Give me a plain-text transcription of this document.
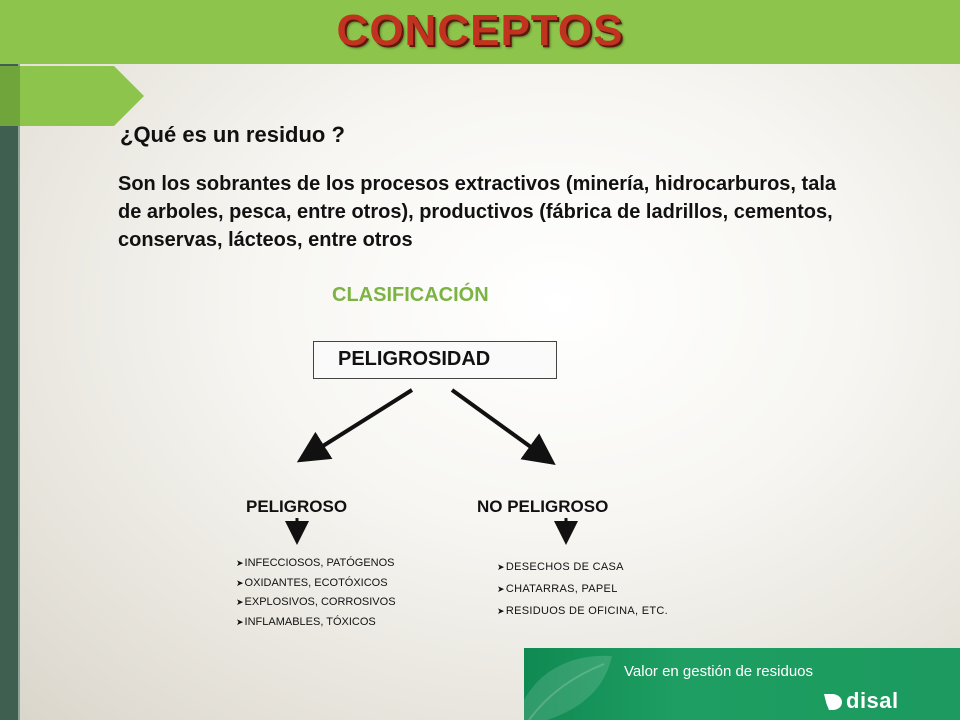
CONCEPTOS
¿Qué es un residuo ?
Son los sobrantes de los procesos extractivos (minería, hidrocarburos, tala de arboles, pesca, entre otros), productivos (fábrica de ladrillos, cementos, conservas, lácteos, entre otros
CLASIFICACIÓN
PELIGROSIDAD
PELIGROSO	NO PELIGROSO
➤INFECCIOSOS, PATÓGENOS
➤OXIDANTES, ECOTÓXICOS
➤EXPLOSIVOS, CORROSIVOS
➤INFLAMABLES, TÓXICOS
➤DESECHOS DE CASA
➤CHATARRAS, PAPEL
➤RESIDUOS DE OFICINA, ETC.
Valor en gestión de residuos
disal
